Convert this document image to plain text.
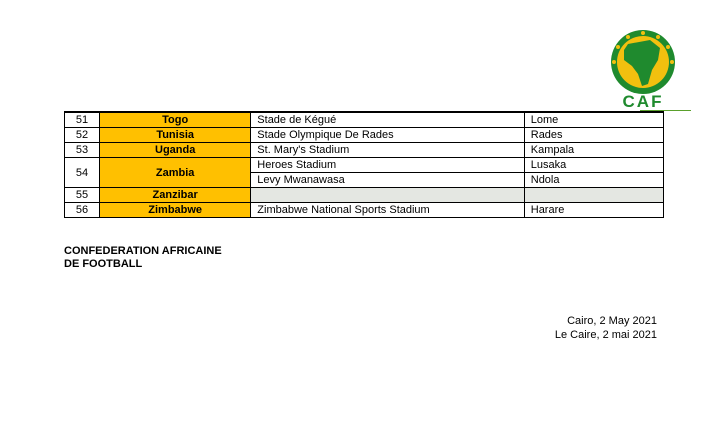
CAF
51	Togo	Stade de Kégué	Lome
52	Tunisia	Stade Olympique De Rades	Rades
53	Uganda	St. Mary's Stadium	Kampala
54	Zambia	Heroes Stadium	Lusaka
		Levy Mwanawasa	Ndola
55	Zanzibar		
56	Zimbabwe	Zimbabwe National Sports Stadium	Harare
CONFEDERATION AFRICAINE
DE FOOTBALL
Cairo, 2 May 2021
Le Caire, 2 mai 2021
